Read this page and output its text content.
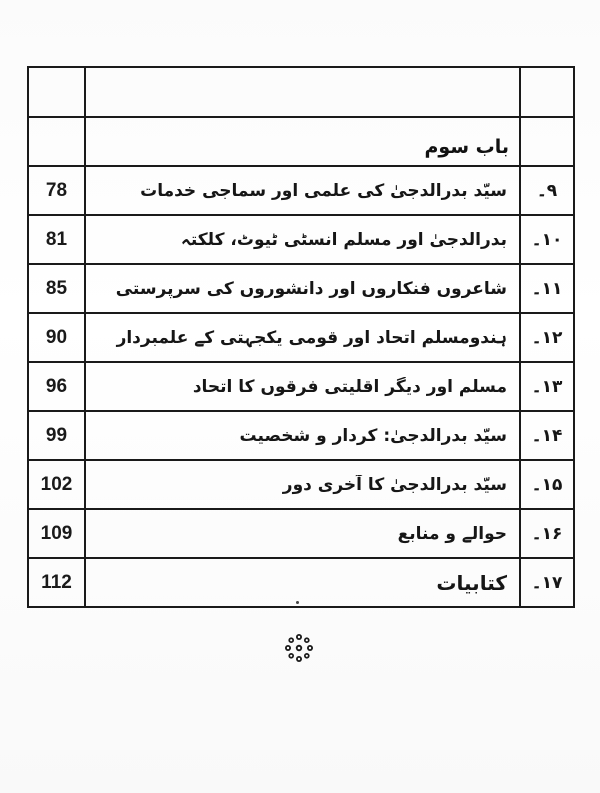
	باب سوم	

78	سیّد بدرالدجیٰ کی علمی اور سماجی خدمات	۹۔

81	بدرالدجیٰ اور مسلم انسٹی ٹیوٹ، کلکتہ	۱۰۔

85	شاعروں فنکاروں اور دانشوروں کی سرپرستی	۱۱۔

90	ہندومسلم اتحاد اور قومی یکجہتی کے علمبردار	۱۲۔

96	مسلم اور دیگر اقلیتی فرقوں کا اتحاد	۱۳۔

99	سیّد بدرالدجیٰ: کردار و شخصیت	۱۴۔

102	سیّد بدرالدجیٰ کا آخری دور	۱۵۔

109	حوالے و منابع	۱۶۔

112	کتابیات	۱۷۔
